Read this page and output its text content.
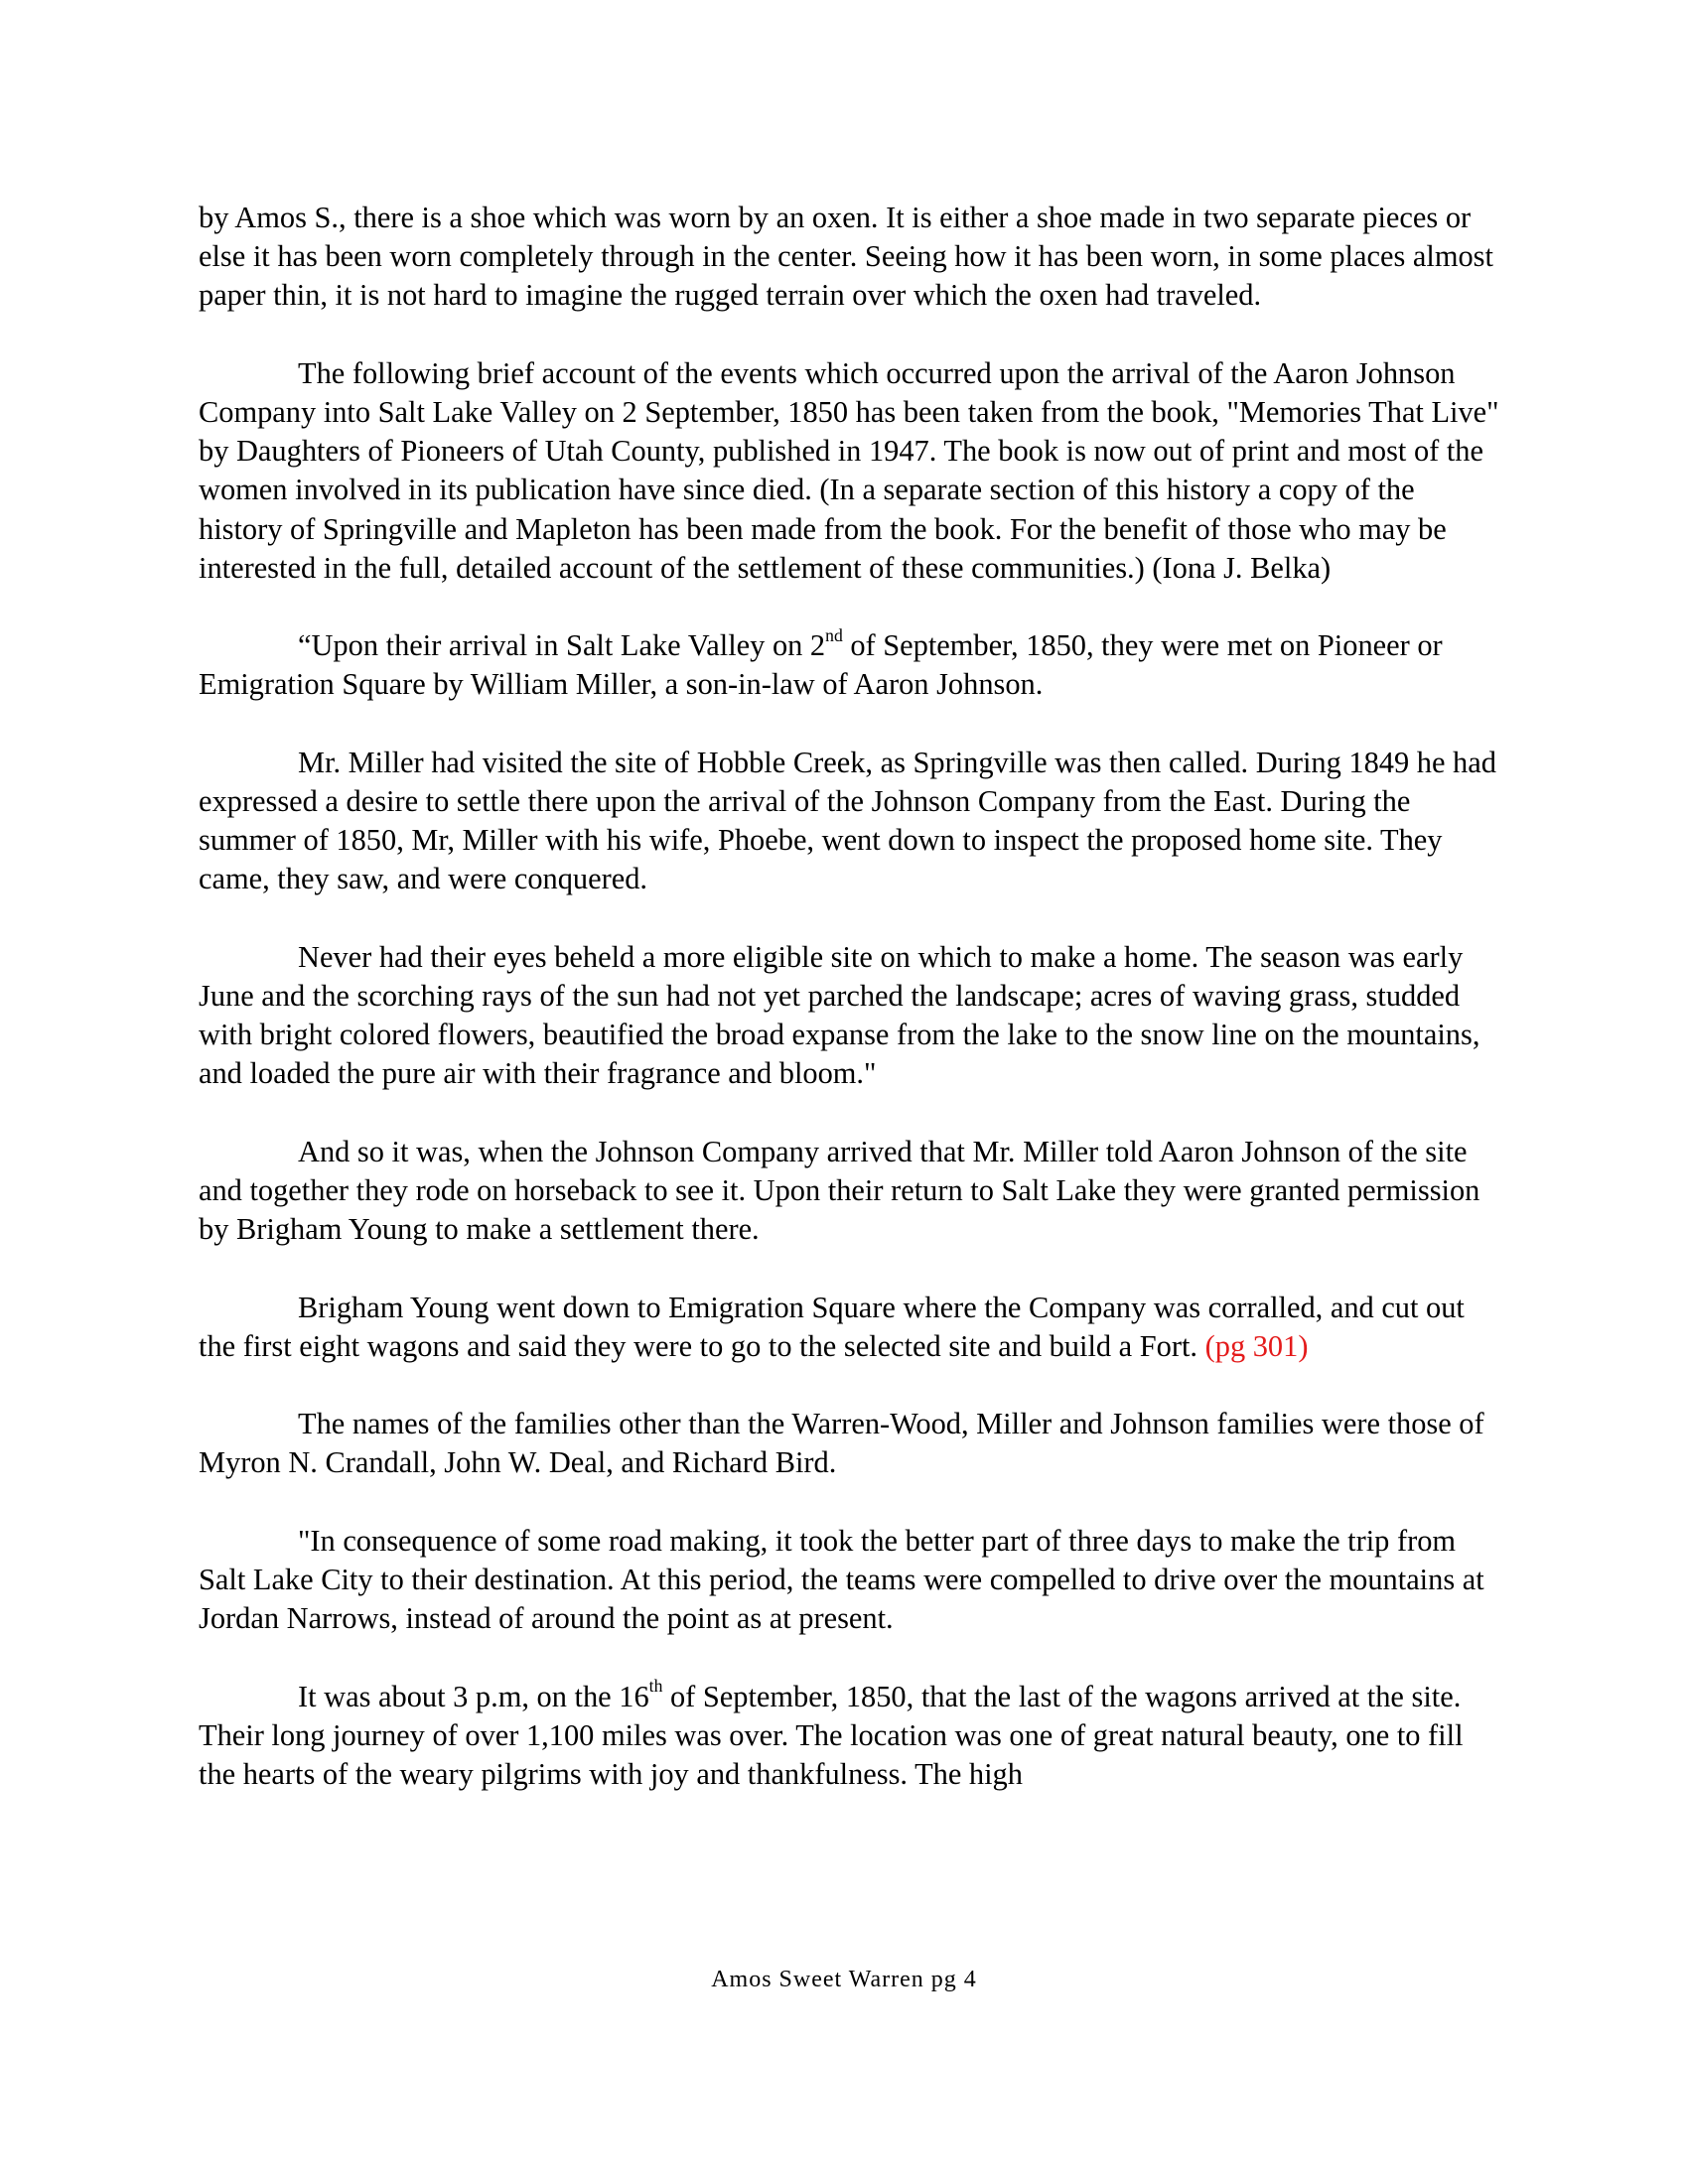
by Amos S., there is a shoe which was worn by an oxen. It is either a shoe made in two separate pieces or else it has been worn completely through in the center. Seeing how it has been worn, in some places almost paper thin, it is not hard to imagine the rugged terrain over which the oxen had traveled.

The following brief account of the events which occurred upon the arrival of the Aaron Johnson Company into Salt Lake Valley on 2 September, 1850 has been taken from the book, "Memories That Live" by Daughters of Pioneers of Utah County, published in 1947. The book is now out of print and most of the women involved in its publication have since died. (In a separate section of this history a copy of the history of Springville and Mapleton has been made from the book. For the benefit of those who may be interested in the full, detailed account of the settlement of these communities.) (Iona J. Belka)

“Upon their arrival in Salt Lake Valley on 2nd of September, 1850, they were met on Pioneer or Emigration Square by William Miller, a son-in-law of Aaron Johnson.

Mr. Miller had visited the site of Hobble Creek, as Springville was then called. During 1849 he had expressed a desire to settle there upon the arrival of the Johnson Company from the East. During the summer of 1850, Mr, Miller with his wife, Phoebe, went down to inspect the proposed home site. They came, they saw, and were conquered.

Never had their eyes beheld a more eligible site on which to make a home. The season was early June and the scorching rays of the sun had not yet parched the landscape; acres of waving grass, studded with bright colored flowers, beautified the broad expanse from the lake to the snow line on the mountains, and loaded the pure air with their fragrance and bloom."

And so it was, when the Johnson Company arrived that Mr. Miller told Aaron Johnson of the site and together they rode on horseback to see it. Upon their return to Salt Lake they were granted permission by Brigham Young to make a settlement there.

Brigham Young went down to Emigration Square where the Company was corralled, and cut out the first eight wagons and said they were to go to the selected site and build a Fort. (pg 301)

The names of the families other than the Warren-Wood, Miller and Johnson families were those of Myron N. Crandall, John W. Deal, and Richard Bird.

"In consequence of some road making, it took the better part of three days to make the trip from Salt Lake City to their destination. At this period, the teams were compelled to drive over the mountains at Jordan Narrows, instead of around the point as at present.

It was about 3 p.m, on the 16th of September, 1850, that the last of the wagons arrived at the site. Their long journey of over 1,100 miles was over. The location was one of great natural beauty, one to fill the hearts of the weary pilgrims with joy and thankfulness. The high

Amos Sweet Warren pg 4
